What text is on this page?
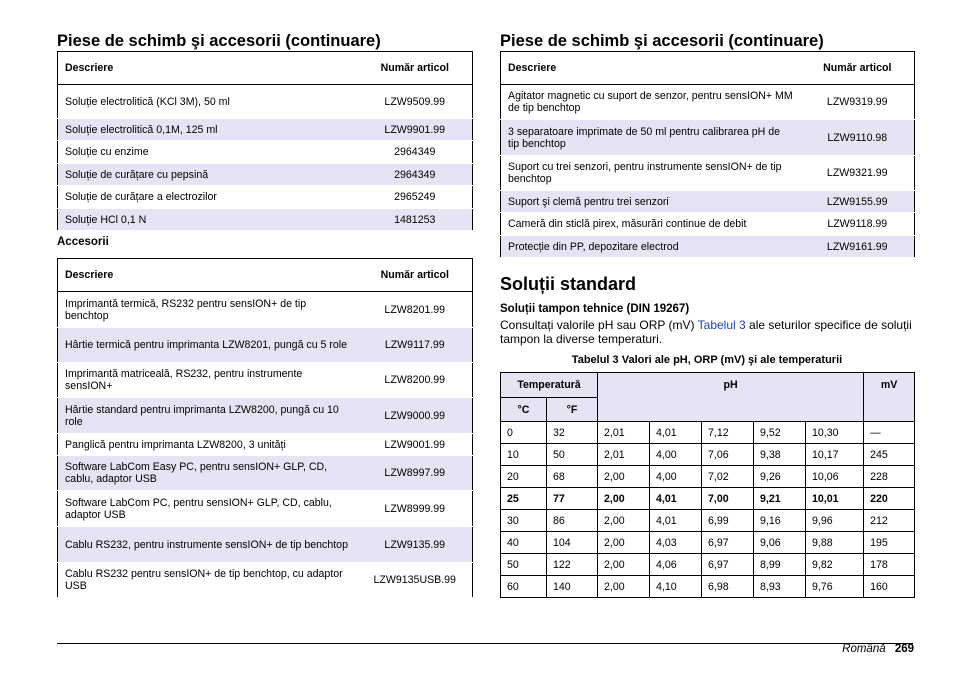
Piese de schimb şi accesorii (continuare)
Descriere	Număr articol
Soluție electrolitică (KCl 3M), 50 ml	LZW9509.99
Soluție electrolitică 0,1M, 125 ml	LZW9901.99
Soluție cu enzime	2964349
Soluție de curățare cu pepsină	2964349
Soluție de curățare a electrozilor	2965249
Soluție HCl 0,1 N	1481253
Accesorii
Descriere	Număr articol
Imprimantă termică, RS232 pentru sensION+ de tip benchtop	LZW8201.99
Hârtie termică pentru imprimanta LZW8201, pungă cu 5 role	LZW9117.99
Imprimantă matriceală, RS232, pentru instrumente sensION+	LZW8200.99
Hârtie standard pentru imprimanta LZW8200, pungă cu 10 role	LZW9000.99
Panglică pentru imprimanta LZW8200, 3 unități	LZW9001.99
Software LabCom Easy PC, pentru sensION+ GLP, CD, cablu, adaptor USB	LZW8997.99
Software LabCom PC, pentru sensION+ GLP, CD, cablu, adaptor USB	LZW8999.99
Cablu RS232, pentru instrumente sensION+ de tip benchtop	LZW9135.99
Cablu RS232 pentru sensION+ de tip benchtop, cu adaptor USB	LZW9135USB.99
Piese de schimb şi accesorii (continuare)
Descriere	Număr articol
Agitator magnetic cu suport de senzor, pentru sensION+ MM de tip benchtop	LZW9319.99
3 separatoare imprimate de 50 ml pentru calibrarea pH de tip benchtop	LZW9110.98
Suport cu trei senzori, pentru instrumente sensION+ de tip benchtop	LZW9321.99
Suport şi clemă pentru trei senzori	LZW9155.99
Cameră din sticlă pirex, măsurări continue de debit	LZW9118.99
Protecție din PP, depozitare electrod	LZW9161.99
Soluții standard
Soluții tampon tehnice (DIN 19267)
Consultați valorile pH sau ORP (mV) Tabelul 3 ale seturilor specifice de soluții tampon la diverse temperaturi.
Tabelul 3 Valori ale pH, ORP (mV) şi ale temperaturii
Temperatură		pH					mV
°C	°F						
0	32	2,01	4,01	7,12	9,52	10,30	—
10	50	2,01	4,00	7,06	9,38	10,17	245
20	68	2,00	4,00	7,02	9,26	10,06	228
25	77	2,00	4,01	7,00	9,21	10,01	220
30	86	2,00	4,01	6,99	9,16	9,96	212
40	104	2,00	4,03	6,97	9,06	9,88	195
50	122	2,00	4,06	6,97	8,99	9,82	178
60	140	2,00	4,10	6,98	8,93	9,76	160
Română 269
